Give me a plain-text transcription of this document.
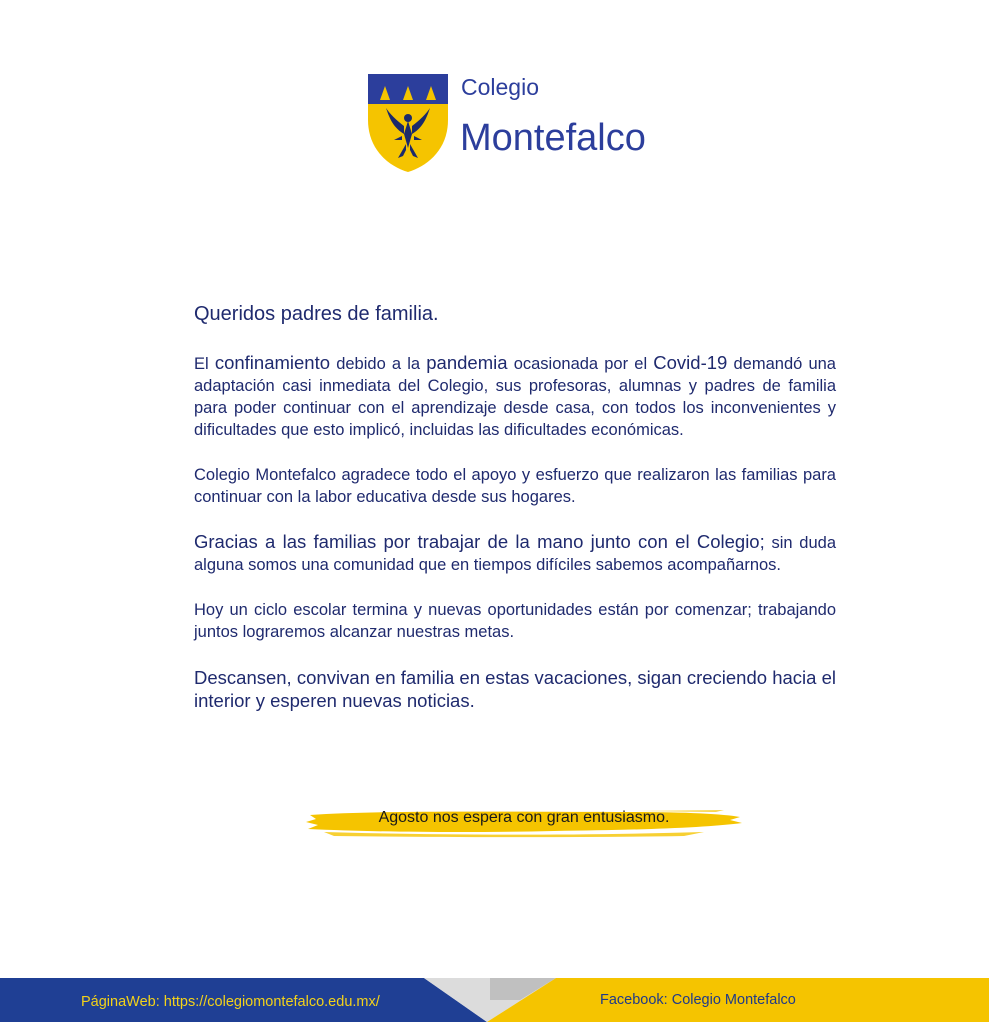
Colegio
Montefalco
Queridos padres de familia.

El confinamiento debido a la pandemia ocasionada por el Covid-19 demandó una adaptación casi inmediata del Colegio, sus profesoras, alumnas y padres de familia para poder continuar con el aprendizaje desde casa, con todos los inconvenientes y dificultades que esto implicó, incluidas las dificultades económicas.

Colegio Montefalco agradece todo el apoyo y esfuerzo que realizaron las familias para continuar con la labor educativa desde sus hogares.

Gracias a las familias por trabajar de la mano junto con el Colegio; sin duda alguna somos una comunidad que en tiempos difíciles sabemos acompañarnos.

Hoy un ciclo escolar termina y nuevas oportunidades están por comenzar; trabajando juntos lograremos alcanzar nuestras metas.

Descansen, convivan en familia en estas vacaciones, sigan creciendo hacia el interior y esperen nuevas noticias.

Agosto nos espera con gran entusiasmo.
PáginaWeb: https://colegiomontefalco.edu.mx/	Facebook: Colegio Montefalco
